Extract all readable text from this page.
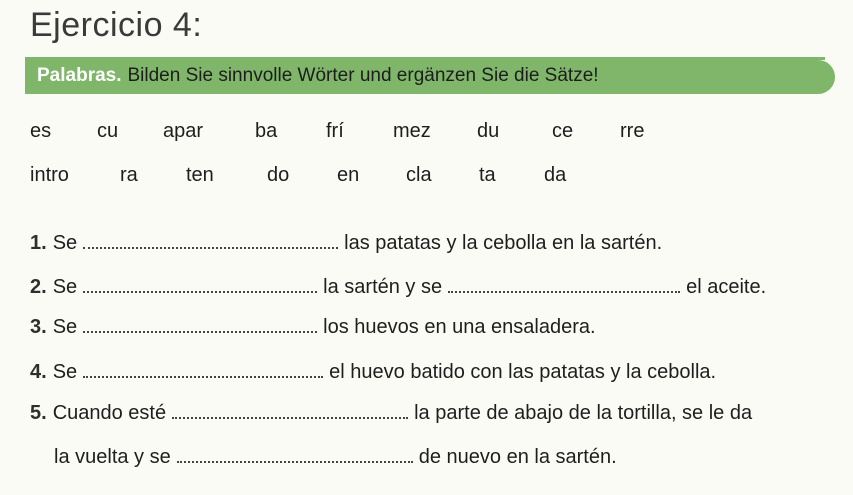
Ejercicio 4:
Palabras. Bilden Sie sinnvolle Wörter und ergänzen Sie die Sätze!
es cu apar	ba frí mez du	ce rre
intro	ra ten	do en cla ta da
1. Se	las patatas y la cebolla en la sartén.
2. Se	la sartén y se	el aceite.
3. Se	los huevos en una ensaladera.
4. Se	el huevo batido con las patatas y la cebolla.
5. Cuando esté	la parte de abajo de la tortilla, se le da
la vuelta y se	de nuevo en la sartén.
